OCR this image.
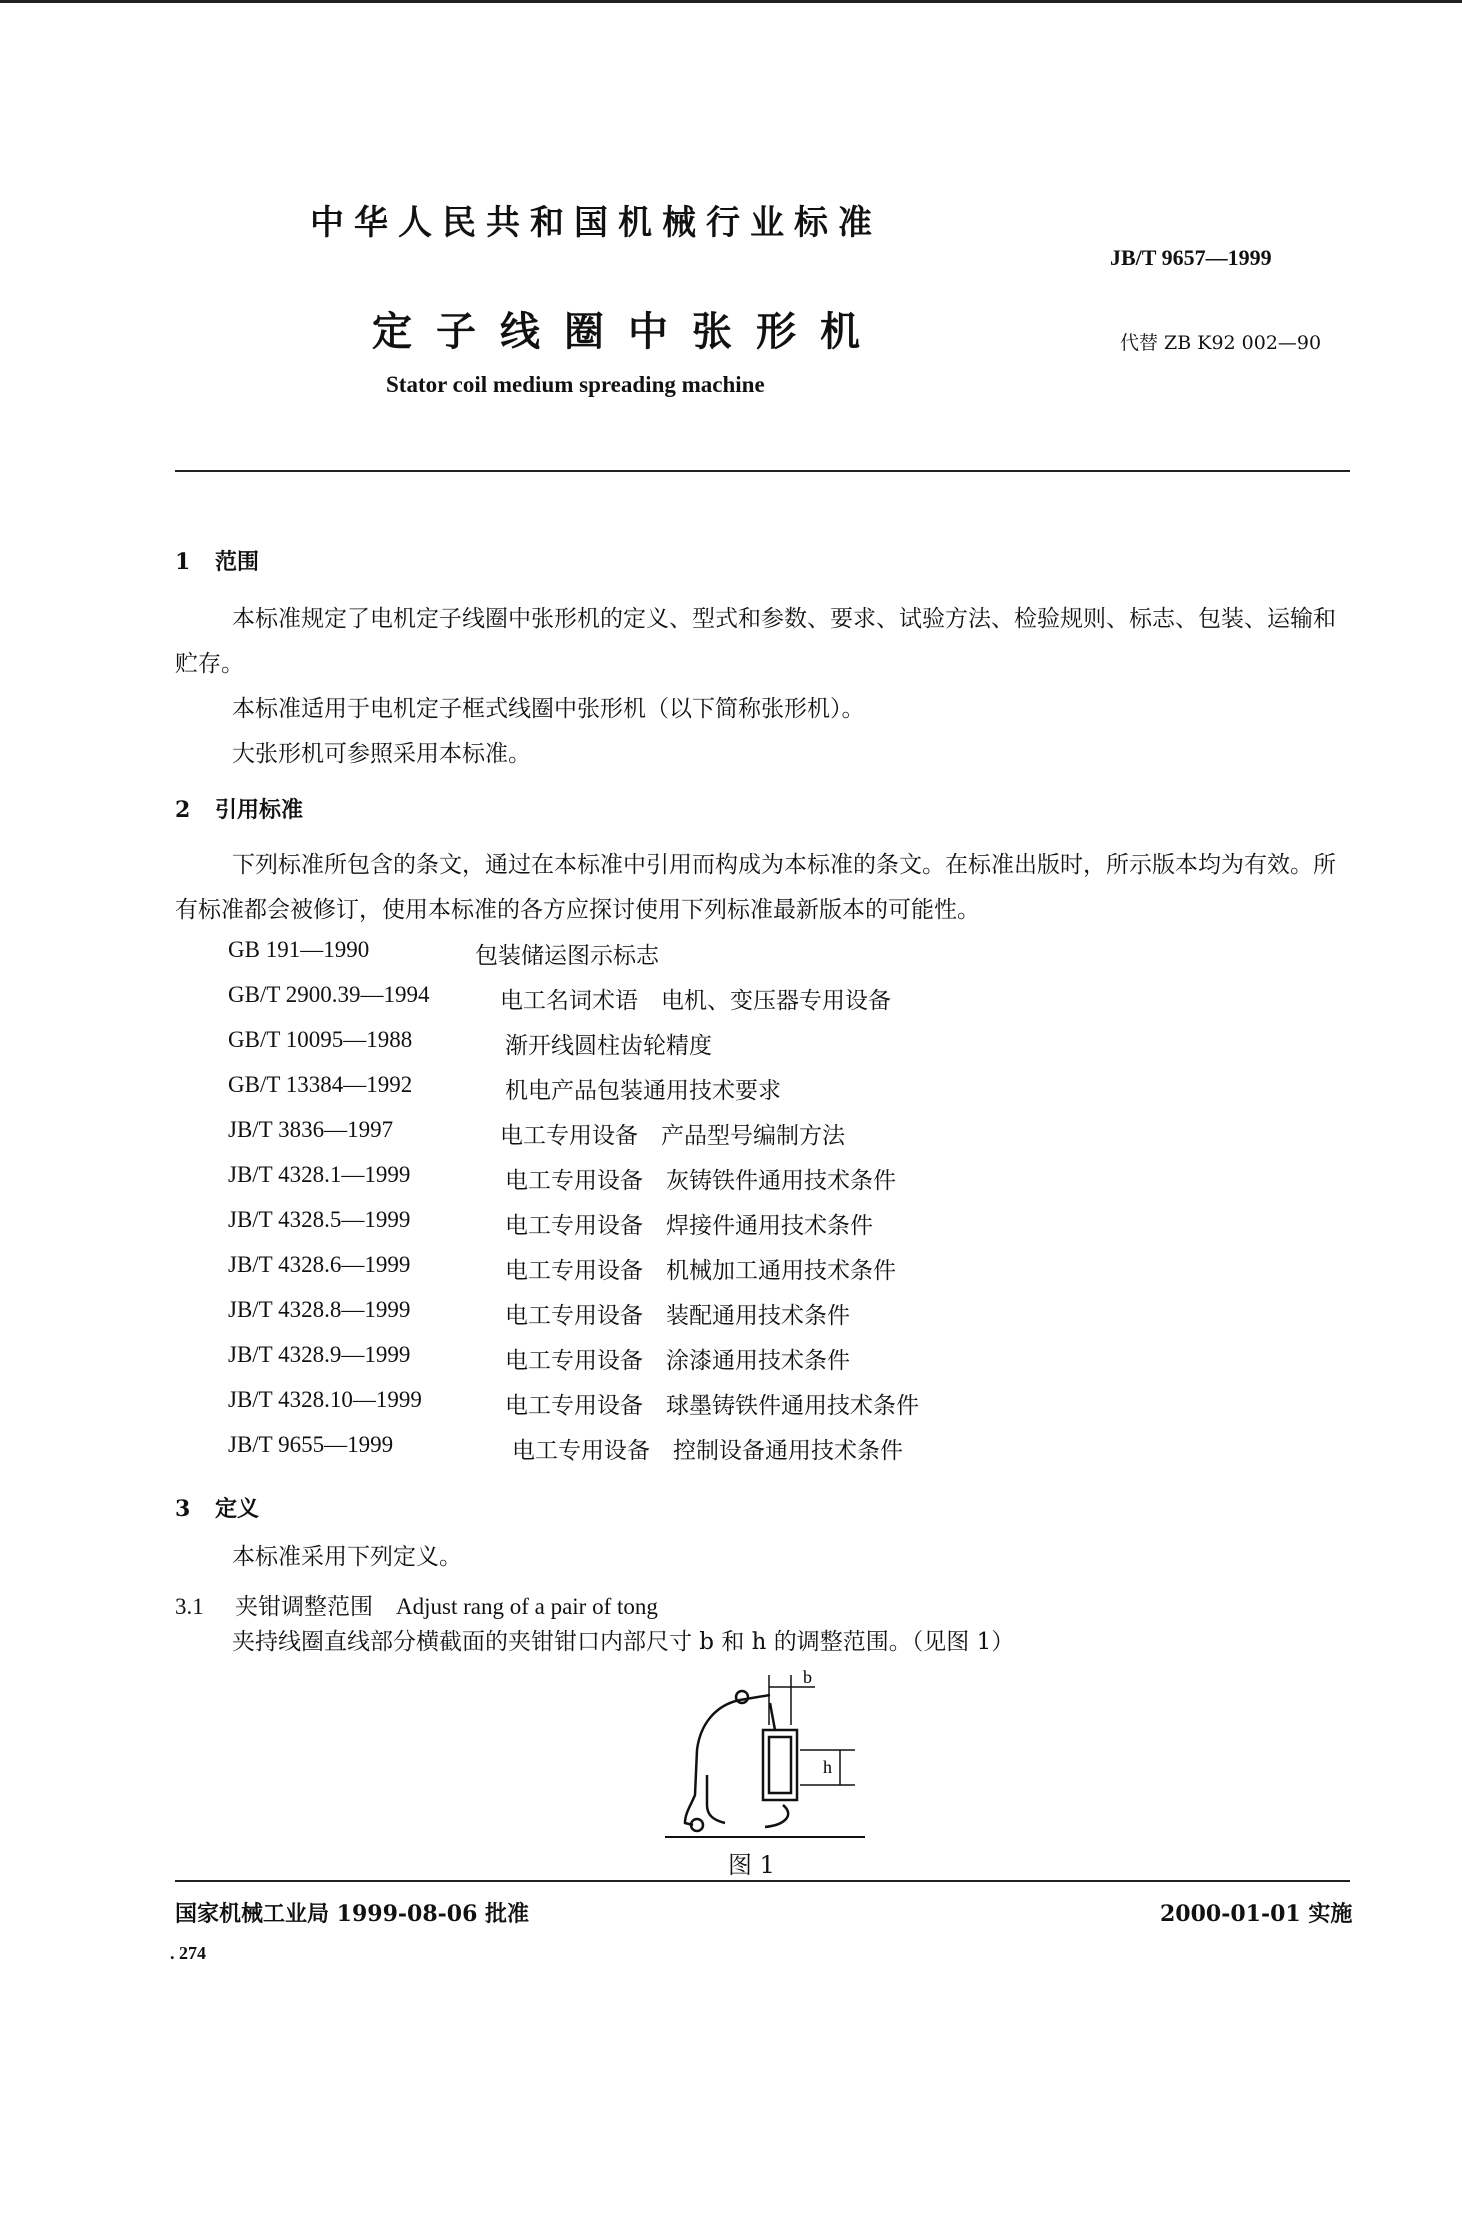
中华人民共和国机械行业标准
JB/T 9657—1999
定子线圈中张形机	代替 ZB K92 002—90
Stator coil medium spreading machine
1 范围
本标准规定了电机定子线圈中张形机的定义、型式和参数、要求、试验方法、检验规则、标志、包装、运输和贮存。
本标准适用于电机定子框式线圈中张形机（以下简称张形机）。
大张形机可参照采用本标准。
2 引用标准
下列标准所包含的条文，通过在本标准中引用而构成为本标准的条文。在标准出版时，所示版本均为有效。所有标准都会被修订，使用本标准的各方应探讨使用下列标准最新版本的可能性。
GB 191—1990	包装储运图示标志
GB/T 2900.39—1994	电工名词术语　电机、变压器专用设备
GB/T 10095—1988	渐开线圆柱齿轮精度
GB/T 13384—1992	机电产品包装通用技术要求
JB/T 3836—1997	电工专用设备　产品型号编制方法
JB/T 4328.1—1999	电工专用设备　灰铸铁件通用技术条件
JB/T 4328.5—1999	电工专用设备　焊接件通用技术条件
JB/T 4328.6—1999	电工专用设备　机械加工通用技术条件
JB/T 4328.8—1999	电工专用设备　装配通用技术条件
JB/T 4328.9—1999	电工专用设备　涂漆通用技术条件
JB/T 4328.10—1999	电工专用设备　球墨铸铁件通用技术条件
JB/T 9655—1999	电工专用设备　控制设备通用技术条件
3 定义
本标准采用下列定义。
3.1 夹钳调整范围　Adjust rang of a pair of tong
夹持线圈直线部分横截面的夹钳钳口内部尺寸 b 和 h 的调整范围。（见图 1）
b
h
图 1
国家机械工业局 1999-08-06 批准	2000-01-01 实施
. 274
